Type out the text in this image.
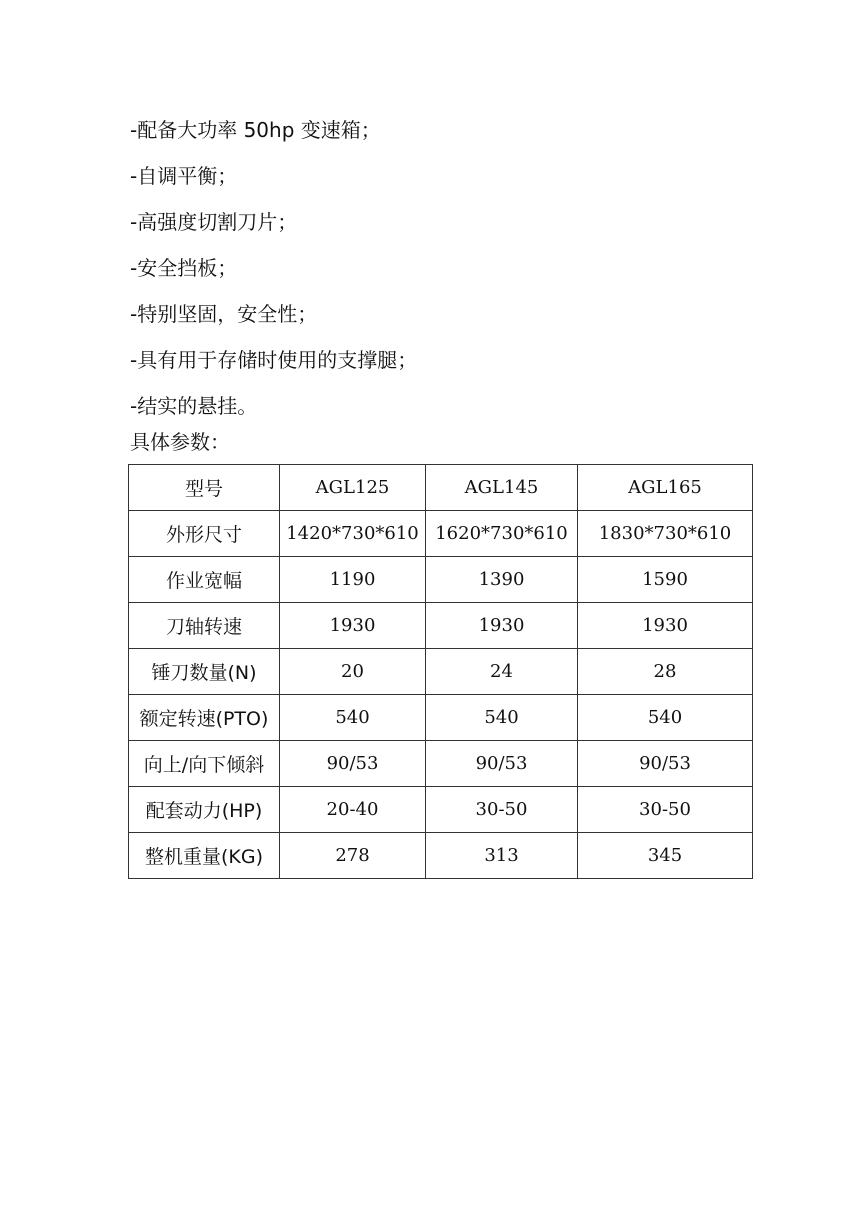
-配备大功率 50hp 变速箱；
-自调平衡；
-高强度切割刀片；
-安全挡板；
-特别坚固，安全性；
-具有用于存储时使用的支撑腿；
-结实的悬挂。
具体参数：
型号	AGL125	AGL145	AGL165
外形尺寸	1420*730*610	1620*730*610	1830*730*610
作业宽幅	1190	1390	1590
刀轴转速	1930	1930	1930
锤刀数量(N)	20	24	28
额定转速(PTO)	540	540	540
向上/向下倾斜	90/53	90/53	90/53
配套动力(HP)	20-40	30-50	30-50
整机重量(KG)	278	313	345
